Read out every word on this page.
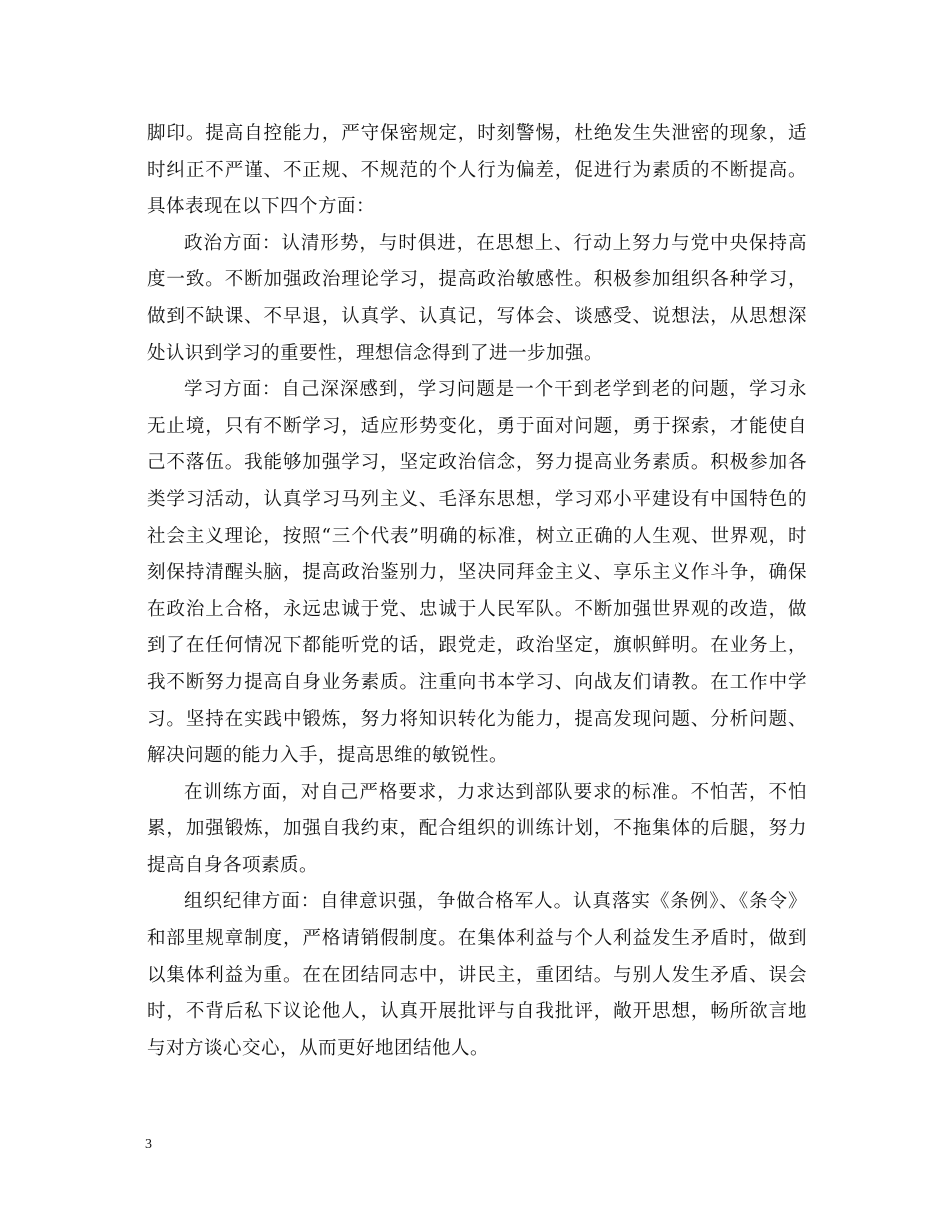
脚印。提高自控能力，严守保密规定，时刻警惕，杜绝发生失泄密的现象，适时纠正不严谨、不正规、不规范的个人行为偏差，促进行为素质的不断提高。具体表现在以下四个方面：

政治方面：认清形势，与时俱进，在思想上、行动上努力与党中央保持高度一致。不断加强政治理论学习，提高政治敏感性。积极参加组织各种学习，做到不缺课、不早退，认真学、认真记，写体会、谈感受、说想法，从思想深处认识到学习的重要性，理想信念得到了进一步加强。

学习方面：自己深深感到，学习问题是一个干到老学到老的问题，学习永无止境，只有不断学习，适应形势变化，勇于面对问题，勇于探索，才能使自己不落伍。我能够加强学习，坚定政治信念，努力提高业务素质。积极参加各类学习活动，认真学习马列主义、毛泽东思想，学习邓小平建设有中国特色的社会主义理论，按照“三个代表”明确的标准，树立正确的人生观、世界观，时刻保持清醒头脑，提高政治鉴别力，坚决同拜金主义、享乐主义作斗争，确保在政治上合格，永远忠诚于党、忠诚于人民军队。不断加强世界观的改造，做到了在任何情况下都能听党的话，跟党走，政治坚定，旗帜鲜明。在业务上，我不断努力提高自身业务素质。注重向书本学习、向战友们请教。在工作中学习。坚持在实践中锻炼，努力将知识转化为能力，提高发现问题、分析问题、解决问题的能力入手，提高思维的敏锐性。

在训练方面，对自己严格要求，力求达到部队要求的标准。不怕苦，不怕累，加强锻炼，加强自我约束，配合组织的训练计划，不拖集体的后腿，努力提高自身各项素质。

组织纪律方面：自律意识强，争做合格军人。认真落实《条例》、《条令》和部里规章制度，严格请销假制度。在集体利益与个人利益发生矛盾时，做到以集体利益为重。在在团结同志中，讲民主，重团结。与别人发生矛盾、误会时，不背后私下议论他人，认真开展批评与自我批评，敞开思想，畅所欲言地与对方谈心交心，从而更好地团结他人。

3
